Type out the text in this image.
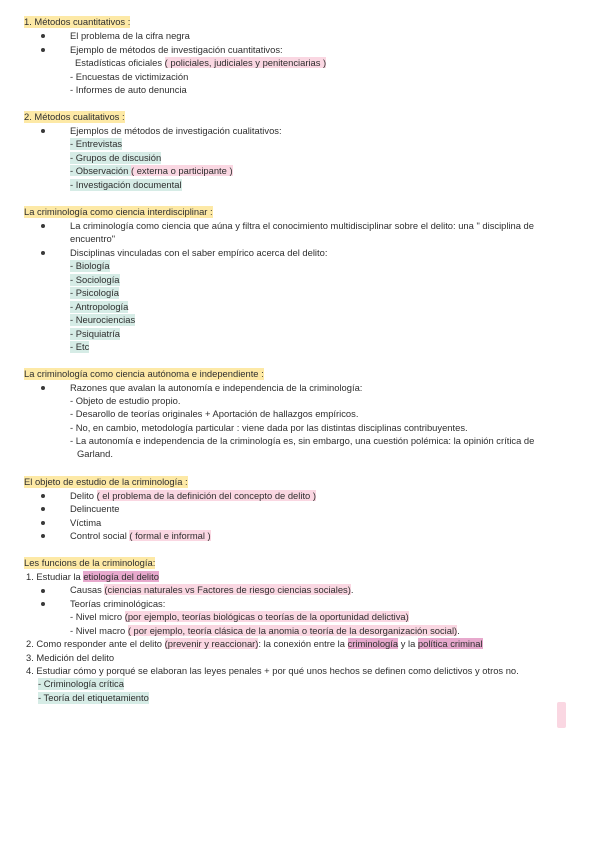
1. Métodos cuantitativos :
El problema de la cifra negra
Ejemplo de métodos de investigación cuantitativos:
Estadísticas oficiales ( policiales, judiciales y penitenciarias )
- Encuestas de victimización
- Informes de auto denuncia
2. Métodos cualitativos :
Ejemplos de métodos de investigación cualitativos:
- Entrevistas
- Grupos de discusión
- Observación ( externa o participante )
- Investigación documental
La criminología como ciencia interdisciplinar :
La criminología como ciencia que aúna y filtra el conocimiento multidisciplinar sobre el delito: una " disciplina de
encuentro"
Disciplinas vinculadas con el saber empírico acerca del delito:
- Biología
- Sociología
- Psicología
- Antropología
- Neurociencias
- Psiquiatría
- Etc
La criminología como ciencia autónoma e independiente :
Razones que avalan la autonomía e independencia de la criminología:
- Objeto de estudio propio.
- Desarollo de teorías originales + Aportación de hallazgos empíricos.
- No, en cambio, metodología particular : viene dada por las distintas disciplinas contribuyentes.
- La autonomía e independencia de la criminología es, sin embargo, una cuestión polémica: la opinión crítica de
Garland.
El objeto de estudio de la criminología :
Delito ( el problema de la definición del concepto de delito )
Delincuente
Víctima
Control social ( formal e informal )
Les funcions de la criminología:
1. Estudiar la etiología del delito
Causas (ciencias naturales vs Factores de riesgo ciencias sociales).
Teorías criminológicas:
- Nivel micro (por ejemplo, teorías biológicas o teorías de la oportunidad delictiva)
- Nivel macro ( por ejemplo, teoría clásica de la anomia o teoría de la desorganización social).
2. Como responder ante el delito (prevenir y reaccionar): la conexión entre la criminología y la política criminal
3. Medición del delito
4. Estudiar cómo y porqué se elaboran las leyes penales + por qué unos hechos se definen como delictivos y otros no.
- Criminología crítica
- Teoría del etiquetamiento
